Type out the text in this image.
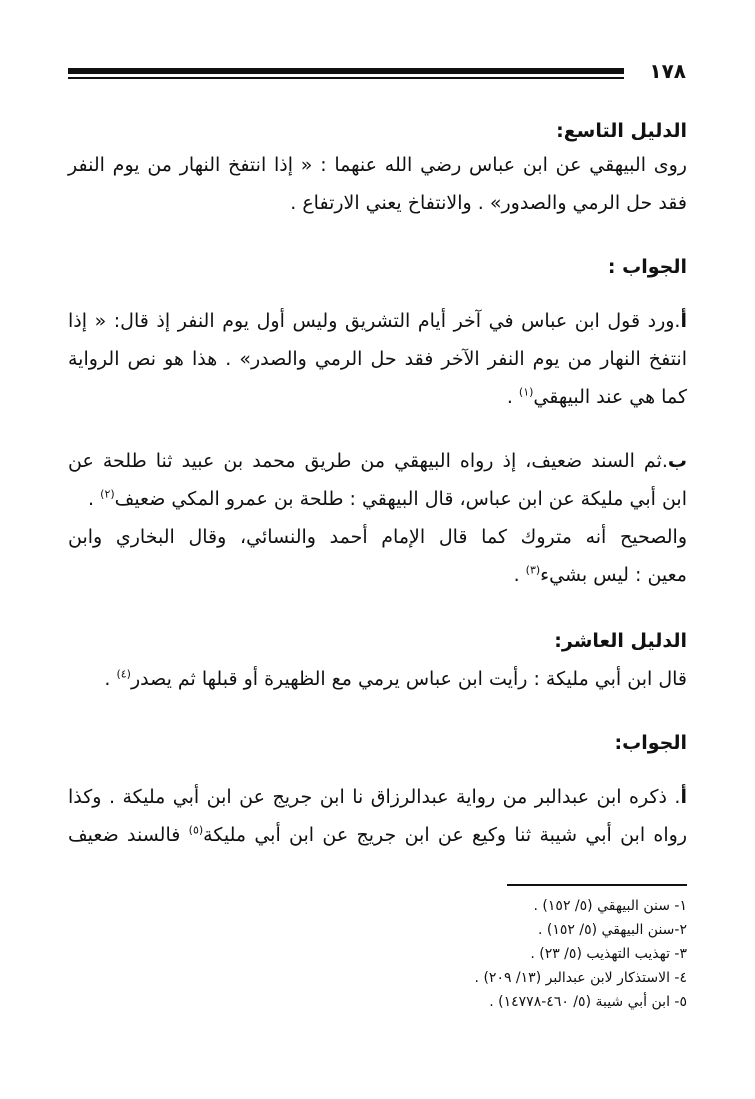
١٧٨
الدليل التاسع:
روى البيهقي عن ابن عباس رضي الله عنهما : « إذا انتفخ النهار من يوم النفر
فقد حل الرمي والصدور» . والانتفاخ يعني الارتفاع .
الجواب :
أ.ورد قول ابن عباس في آخر أيام التشريق وليس أول يوم النفر إذ قال: « إذا
انتفخ النهار من يوم النفر الآخر فقد حل الرمي والصدر» . هذا هو نص الرواية
كما هي عند البيهقي$^{(١)}$ .
ب.ثم السند ضعيف، إذ رواه البيهقي من طريق محمد بن عبيد ثنا طلحة عن
ابن أبي مليكة عن ابن عباس، قال البيهقي : طلحة بن عمرو المكي ضعيف$^{(٢)}$ .
والصحيح أنه متروك كما قال الإمام أحمد والنسائي، وقال البخاري وابن
معين : ليس بشيء$^{(٣)}$ .
الدليل العاشر:
قال ابن أبي مليكة : رأيت ابن عباس يرمي مع الظهيرة أو قبلها ثم يصدر$^{(٤)}$ .
الجواب:
أ. ذكره ابن عبدالبر من رواية عبدالرزاق نا ابن جريج عن ابن أبي مليكة . وكذا
رواه ابن أبي شيبة ثنا وكيع عن ابن جريج عن ابن أبي مليكة$^{(٥)}$ فالسند ضعيف
١- سنن البيهقي (٥/ ١٥٢) .
٢-سنن البيهقي (٥/ ١٥٢) .
٣- تهذيب التهذيب (٥/ ٢٣) .
٤- الاستذكار لابن عبدالبر (١٣/ ٢٠٩) .
٥- ابن أبي شيبة (٥/ ٤٦٠-١٤٧٧٨) .
